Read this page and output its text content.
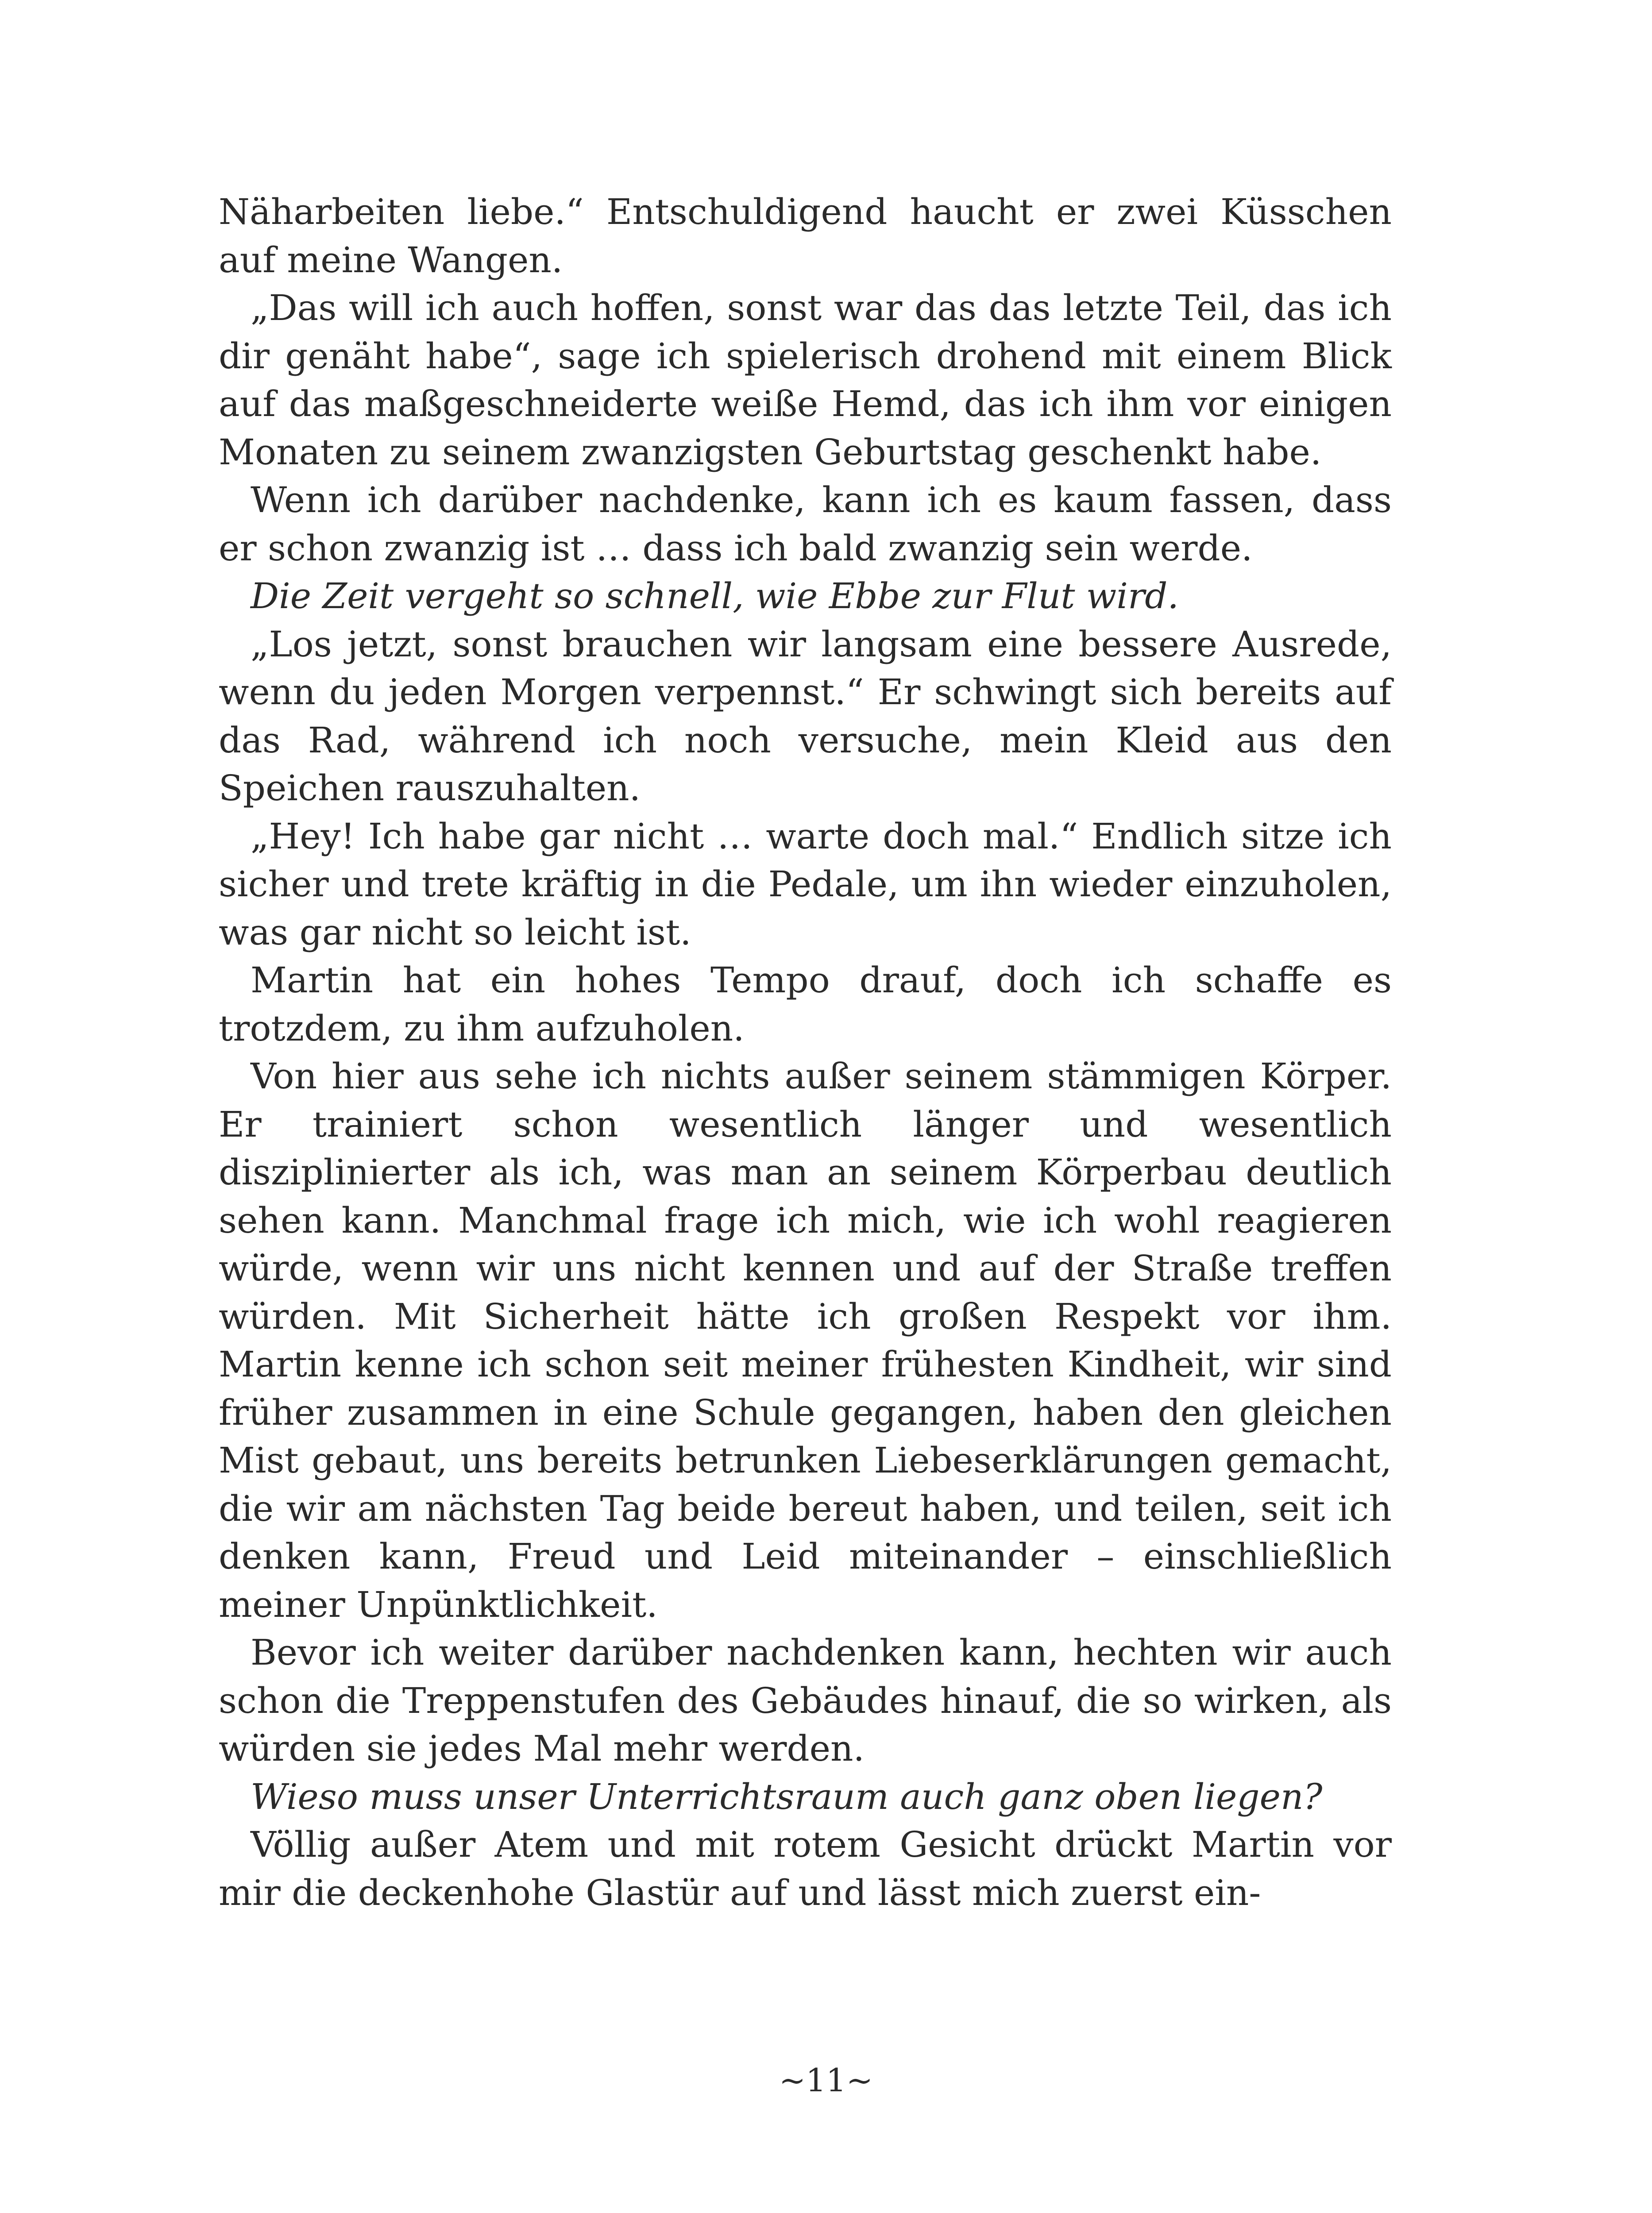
Näharbeiten liebe.“ Entschuldigend haucht er zwei Küsschen auf meine Wangen.

„Das will ich auch hoffen, sonst war das das letzte Teil, das ich dir genäht habe“, sage ich spielerisch drohend mit einem Blick auf das maßgeschneiderte weiße Hemd, das ich ihm vor einigen Monaten zu seinem zwanzigsten Geburtstag geschenkt habe.

Wenn ich darüber nachdenke, kann ich es kaum fassen, dass er schon zwanzig ist … dass ich bald zwanzig sein werde.

Die Zeit vergeht so schnell, wie Ebbe zur Flut wird.

„Los jetzt, sonst brauchen wir langsam eine bessere Ausrede, wenn du jeden Morgen verpennst.“ Er schwingt sich bereits auf das Rad, während ich noch versuche, mein Kleid aus den Speichen rauszuhalten.

„Hey! Ich habe gar nicht … warte doch mal.“ Endlich sitze ich sicher und trete kräftig in die Pedale, um ihn wieder einzuholen, was gar nicht so leicht ist.

Martin hat ein hohes Tempo drauf, doch ich schaffe es trotzdem, zu ihm aufzuholen.

Von hier aus sehe ich nichts außer seinem stämmigen Körper. Er trainiert schon wesentlich länger und wesentlich disziplinierter als ich, was man an seinem Körperbau deutlich sehen kann. Manchmal frage ich mich, wie ich wohl reagieren würde, wenn wir uns nicht kennen und auf der Straße treffen würden. Mit Sicherheit hätte ich großen Respekt vor ihm. Martin kenne ich schon seit meiner frühesten Kindheit, wir sind früher zusammen in eine Schule gegangen, haben den gleichen Mist gebaut, uns bereits betrunken Liebeserklärungen gemacht, die wir am nächsten Tag beide bereut haben, und teilen, seit ich denken kann, Freud und Leid miteinander – einschließlich meiner Unpünktlichkeit.

Bevor ich weiter darüber nachdenken kann, hechten wir auch schon die Treppenstufen des Gebäudes hinauf, die so wirken, als würden sie jedes Mal mehr werden.

Wieso muss unser Unterrichtsraum auch ganz oben liegen?

Völlig außer Atem und mit rotem Gesicht drückt Martin vor mir die deckenhohe Glastür auf und lässt mich zuerst ein-

~11~
